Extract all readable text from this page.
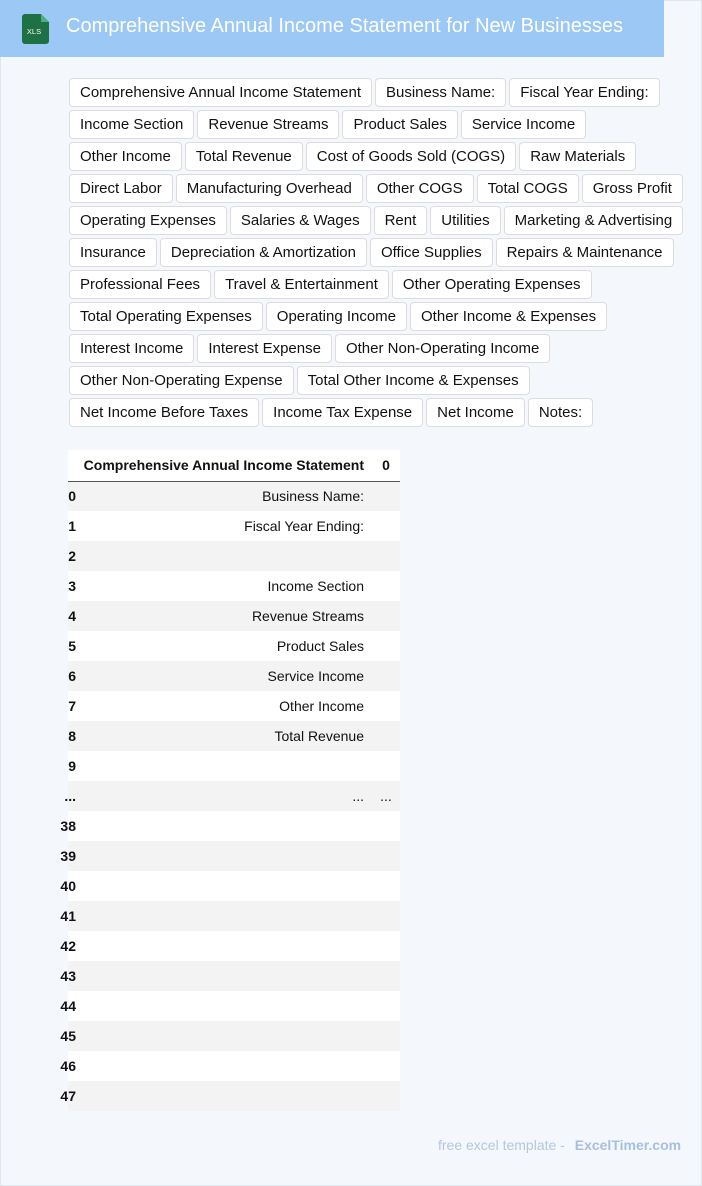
XLS Comprehensive Annual Income Statement for New Businesses
Comprehensive Annual Income Statement	Business Name:	Fiscal Year Ending:
Income Section	Revenue Streams	Product Sales	Service Income
Other Income	Total Revenue	Cost of Goods Sold (COGS)	Raw Materials
Direct Labor	Manufacturing Overhead	Other COGS	Total COGS	Gross Profit
Operating Expenses	Salaries & Wages	Rent	Utilities	Marketing & Advertising
Insurance	Depreciation & Amortization	Office Supplies	Repairs & Maintenance
Professional Fees	Travel & Entertainment	Other Operating Expenses
Total Operating Expenses	Operating Income	Other Income & Expenses
Interest Income	Interest Expense	Other Non-Operating Income
Other Non-Operating Expense	Total Other Income & Expenses
Net Income Before Taxes	Income Tax Expense	Net Income	Notes:
	Comprehensive Annual Income Statement	0
0	Business Name:	
1	Fiscal Year Ending:	
2		
3	Income Section	
4	Revenue Streams	
5	Product Sales	
6	Service Income	
7	Other Income	
8	Total Revenue	
9		
...	...	...
38		
39		
40		
41		
42		
43		
44		
45		
46		
47		
free excel template - ExcelTimer.com
